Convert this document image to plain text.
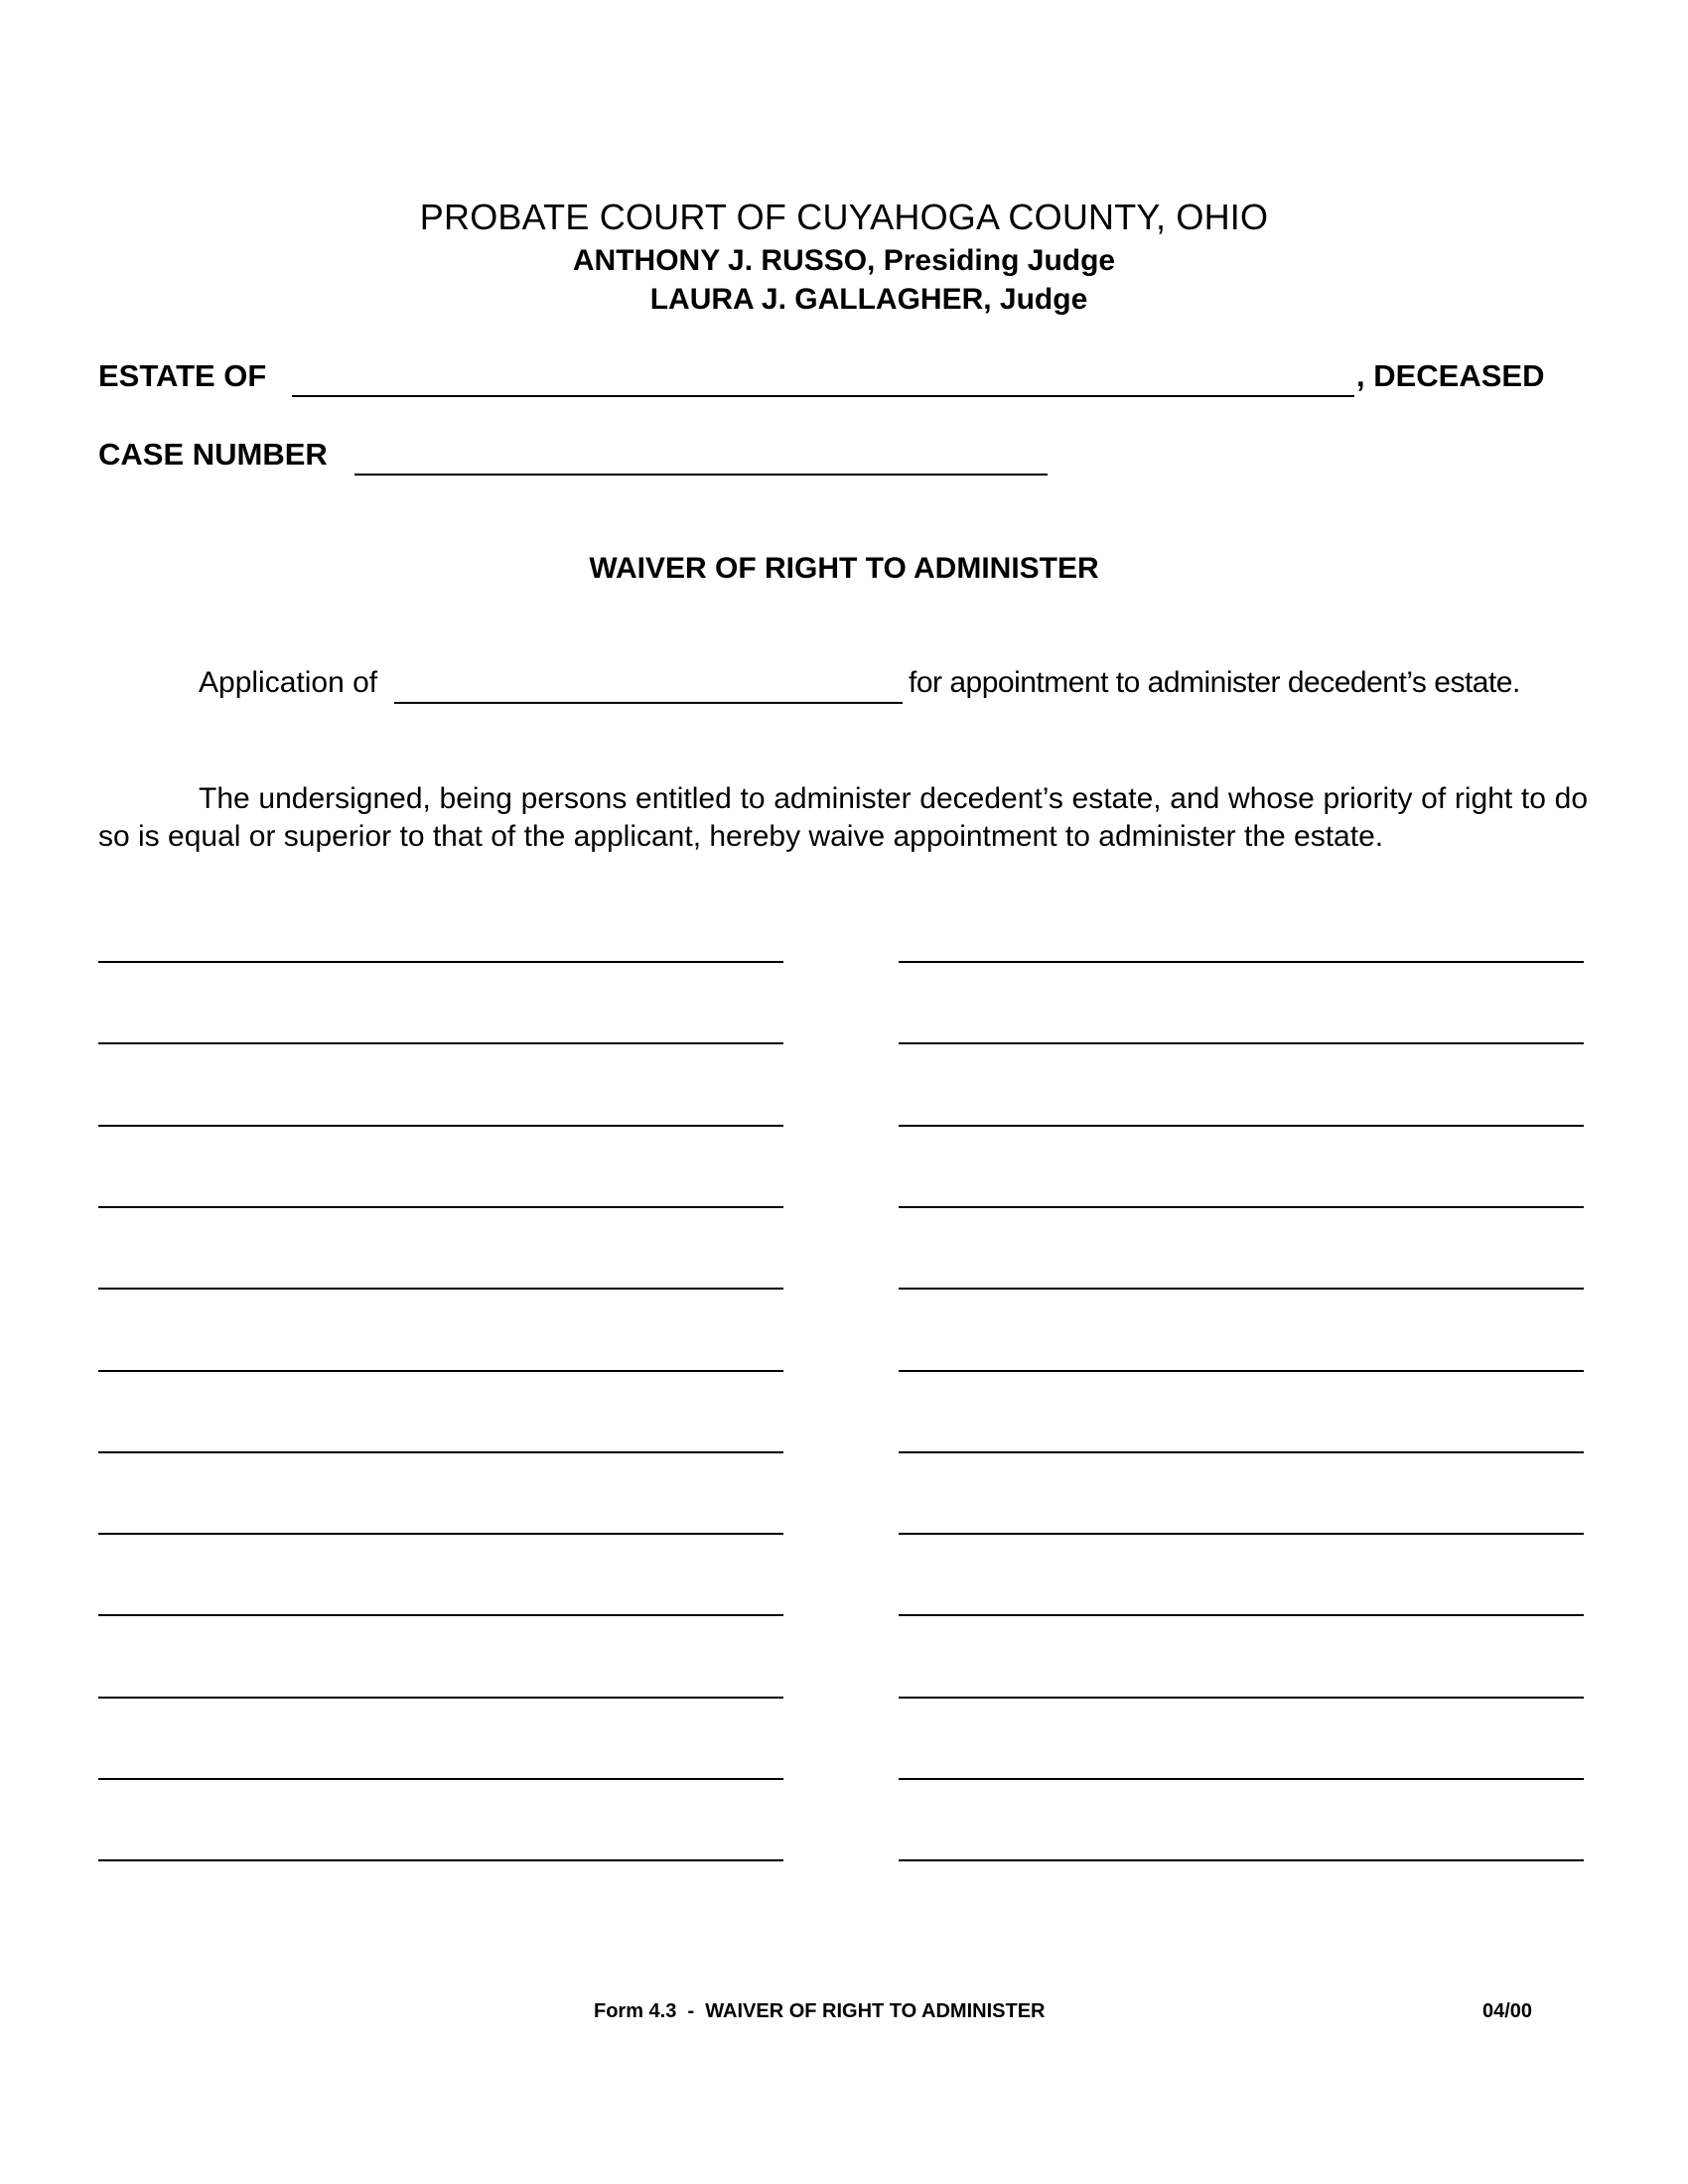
PROBATE COURT OF CUYAHOGA COUNTY, OHIO
ANTHONY J. RUSSO, Presiding Judge
LAURA J. GALLAGHER, Judge
ESTATE OF	, DECEASED
CASE NUMBER
WAIVER OF RIGHT TO ADMINISTER
Application of	for appointment to administer decedent’s estate.

The undersigned, being persons entitled to administer decedent’s estate, and whose priority of right to do so is equal or superior to that of the applicant, hereby waive appointment to administer the estate.

Form 4.3  -  WAIVER OF RIGHT TO ADMINISTER	04/00
